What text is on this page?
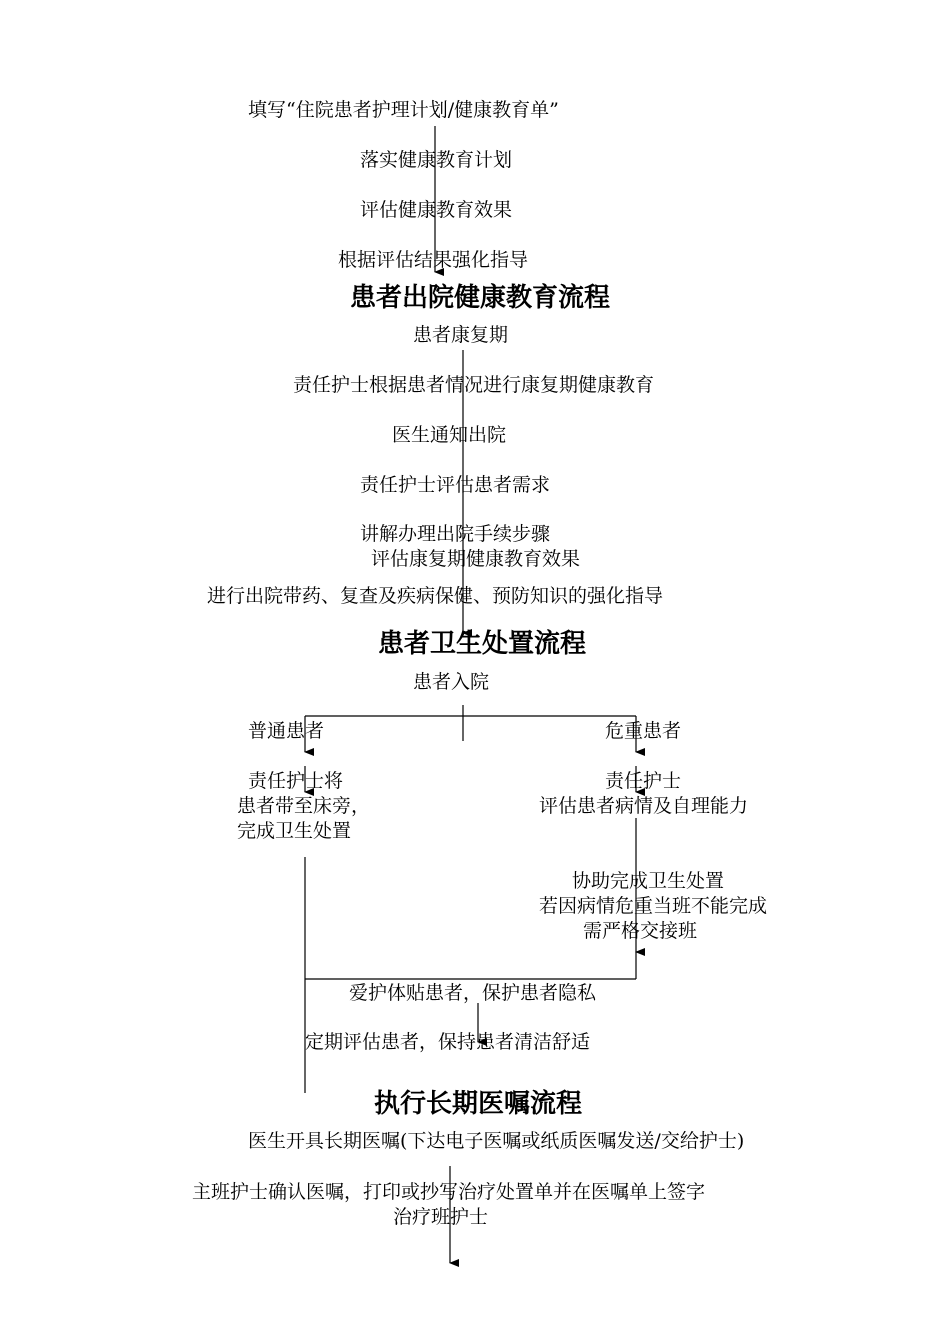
填写“住院患者护理计划/健康教育单”
落实健康教育计划
评估健康教育效果
根据评估结果强化指导
患者出院健康教育流程
患者康复期
责任护士根据患者情况进行康复期健康教育
医生通知出院
责任护士评估患者需求
讲解办理出院手续步骤
评估康复期健康教育效果
进行出院带药、复查及疾病保健、预防知识的强化指导
患者卫生处置流程
患者入院
普通患者	危重患者
责任护士将
患者带至床旁，
完成卫生处置
责任护士
评估患者病情及自理能力
协助完成卫生处置
若因病情危重当班不能完成
需严格交接班
爱护体贴患者，保护患者隐私
定期评估患者，保持患者清洁舒适
执行长期医嘱流程
医生开具长期医嘱(下达电子医嘱或纸质医嘱发送/交给护士)
主班护士确认医嘱，打印或抄写治疗处置单并在医嘱单上签字
治疗班护士
